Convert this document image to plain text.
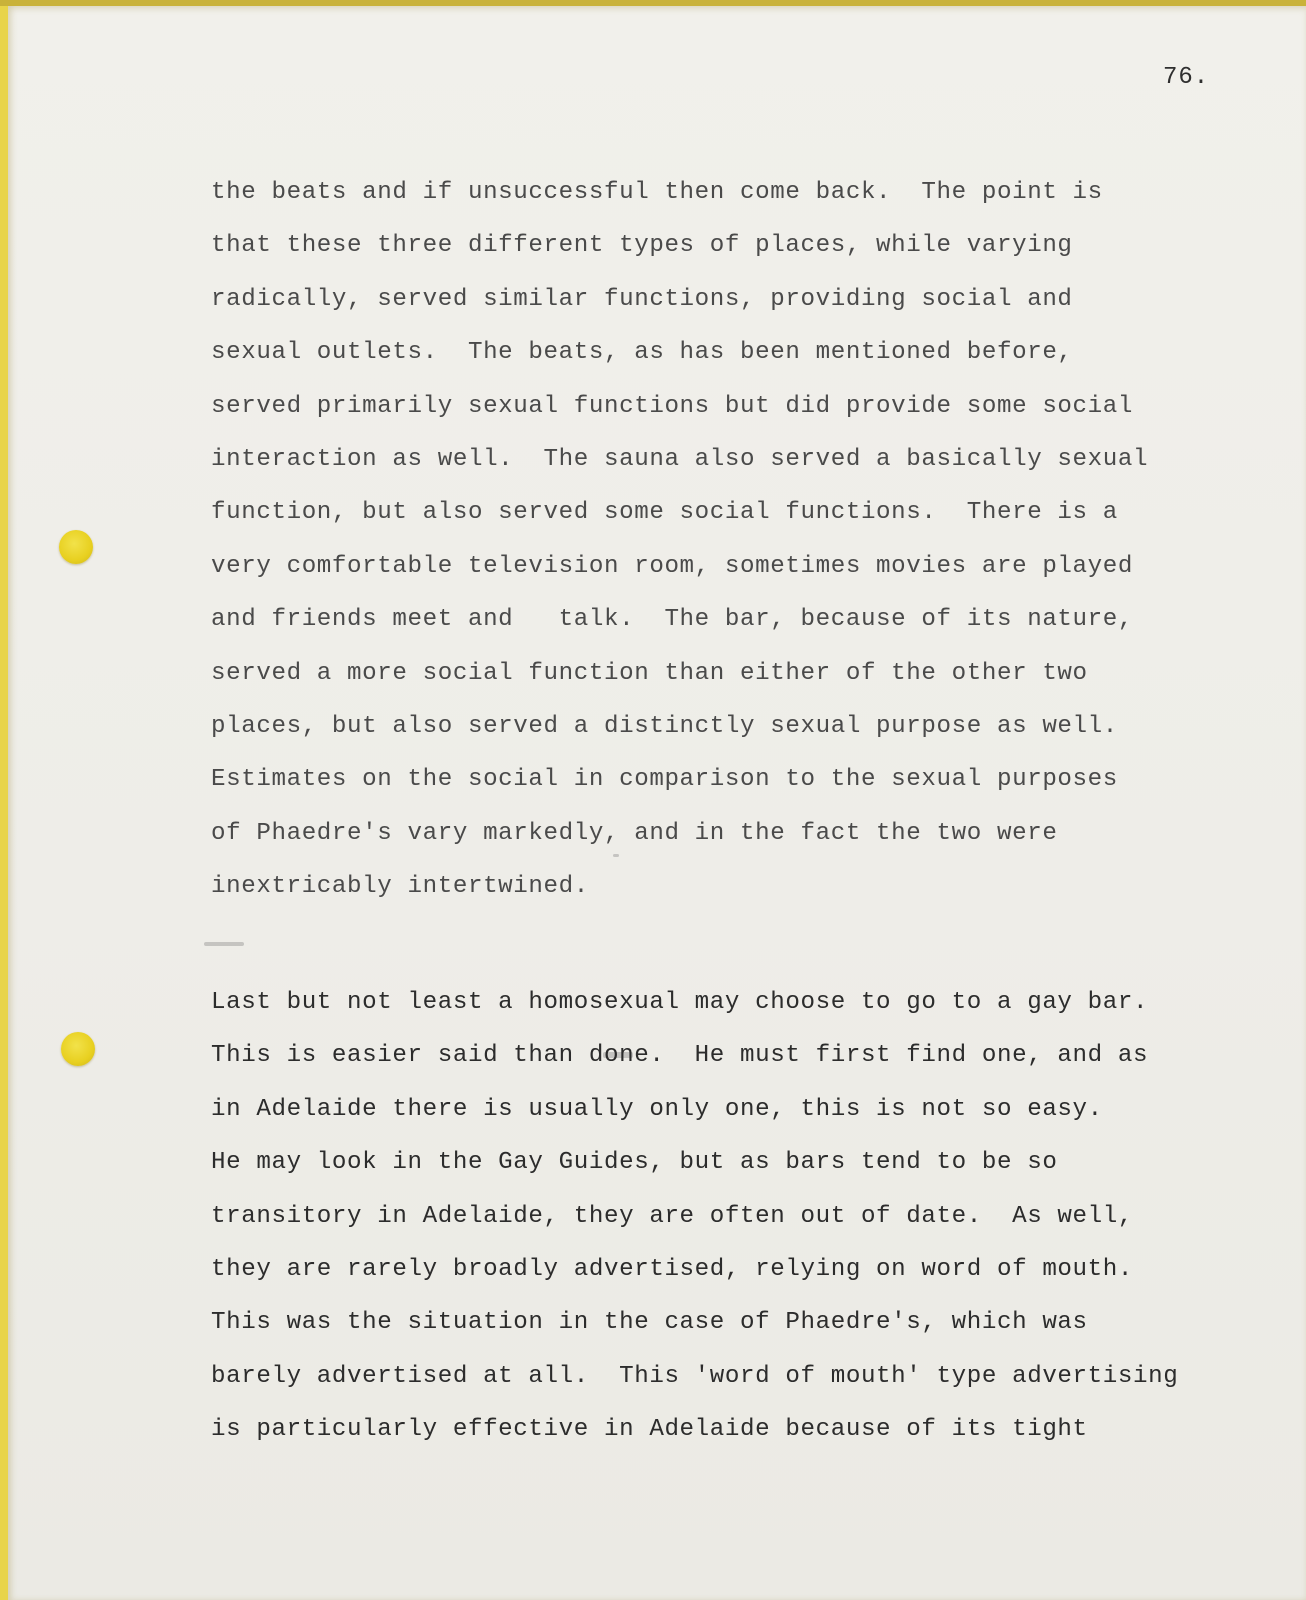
76.
the beats and if unsuccessful then come back.  The point is
that these three different types of places, while varying
radically, served similar functions, providing social and
sexual outlets.  The beats, as has been mentioned before,
served primarily sexual functions but did provide some social
interaction as well.  The sauna also served a basically sexual
function, but also served some social functions.  There is a
very comfortable television room, sometimes movies are played
and friends meet and   talk.  The bar, because of its nature,
served a more social function than either of the other two
places, but also served a distinctly sexual purpose as well.
Estimates on the social in comparison to the sexual purposes
of Phaedre's vary markedly, and in the fact the two were
inextricably intertwined.
Last but not least a homosexual may choose to go to a gay bar.
This is easier said than done.  He must first find one, and as
in Adelaide there is usually only one, this is not so easy.
He may look in the Gay Guides, but as bars tend to be so
transitory in Adelaide, they are often out of date.  As well,
they are rarely broadly advertised, relying on word of mouth.
This was the situation in the case of Phaedre's, which was
barely advertised at all.  This 'word of mouth' type advertising
is particularly effective in Adelaide because of its tight
